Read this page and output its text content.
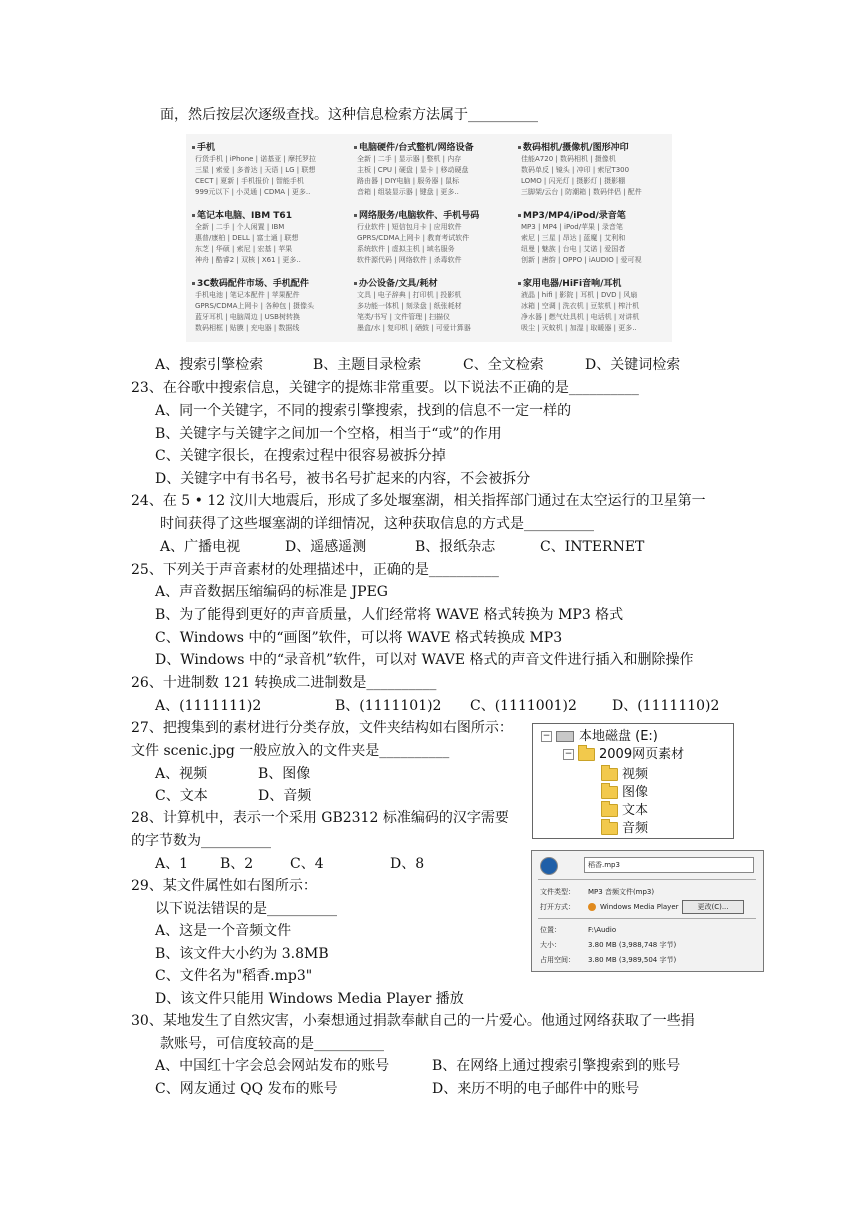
面，然后按层次逐级查找。这种信息检索方法属于__________
手机
行货手机 | iPhone | 诺基亚 | 摩托罗拉
三星 | 索爱 | 多普达 | 天语 | LG | 联想
CECT | 夏新 | 手机报价 | 智能手机
999元以下 | 小灵通 | CDMA | 更多..
电脑硬件/台式整机/网络设备
全新 | 二手 | 显示器 | 整机 | 内存
主板 | CPU | 硬盘 | 显卡 | 移动硬盘
路由器 | DIY电脑 | 服务器 | 鼠标
音箱 | 组装显示器 | 键盘 | 更多..
数码相机/摄像机/图形冲印
佳能A720 | 数码相机 | 摄像机
数码单反 | 镜头 | 冲印 | 索尼T300
LOMO | 闪光灯 | 摄影灯 | 摄影棚
三脚架/云台 | 防潮箱 | 数码伴侣 | 配件
笔记本电脑、IBM T61
全新 | 二手 | 个人闲置 | IBM
惠普/康柏 | DELL | 富士通 | 联想
东芝 | 华硕 | 索尼 | 宏基 | 苹果
神舟 | 酷睿2 | 双核 | X61 | 更多..
网络服务/电脑软件、手机号码
行业软件 | 短信包月卡 | 应用软件
GPRS/CDMA上网卡 | 教育考试软件
系统软件 | 虚拟主机 | 域名服务
软件源代码 | 网络软件 | 杀毒软件
MP3/MP4/iPod/录音笔
MP3 | MP4 | iPod/苹果 | 录音笔
索尼 | 三星 | 昂达 | 蓝魔 | 艾利和
纽曼 | 魅族 | 台电 | 艾诺 | 爱国者
创新 | 唐韵 | OPPO | iAUDIO | 爱可视
3C数码配件市场、手机配件
手机电池 | 笔记本配件 | 苹果配件
GPRS/CDMA上网卡 | 各种包 | 摄像头
蓝牙耳机 | 电脑周边 | USB树转换
数码相框 | 贴膜 | 充电器 | 数据线
办公设备/文具/耗材
文具 | 电子辞典 | 打印机 | 投影机
多功能一体机 | 刻录盘 | 纸张耗材
笔类/书写 | 文件管理 | 扫描仪
墨盒/水 | 复印机 | 硒鼓 | 可爱计算器
家用电器/HiFi音响/耳机
液晶 | hifi | 影院 | 耳机 | DVD | 风扇
冰箱 | 空调 | 洗衣机 | 豆浆机 | 榨汁机
净水器 | 燃气灶具机 | 电话机 | 对讲机
吸尘 | 灭蚊机 | 加湿 | 取暖器 | 更多..
A、搜索引擎检索	B、主题目录检索	C、全文检索	D、关键词检索
23、在谷歌中搜索信息，关键字的提炼非常重要。以下说法不正确的是__________
A、同一个关键字，不同的搜索引擎搜索，找到的信息不一定一样的
B、关键字与关键字之间加一个空格，相当于“或”的作用
C、关键字很长，在搜索过程中很容易被拆分掉
D、关键字中有书名号，被书名号扩起来的内容，不会被拆分
24、在 5 • 12 汶川大地震后，形成了多处堰塞湖，相关指挥部门通过在太空运行的卫星第一
时间获得了这些堰塞湖的详细情况，这种获取信息的方式是__________
A、广播电视	D、遥感遥测	B、报纸杂志	C、INTERNET
25、下列关于声音素材的处理描述中，正确的是__________
A、声音数据压缩编码的标准是 JPEG
B、为了能得到更好的声音质量，人们经常将 WAVE 格式转换为 MP3 格式
C、Windows 中的“画图”软件，可以将 WAVE 格式转换成 MP3
D、Windows 中的“录音机”软件，可以对 WAVE 格式的声音文件进行插入和删除操作
26、十进制数 121 转换成二进制数是__________
A、(1111111)2	B、(1111101)2 C、(1111001)2	D、(1111110)2
27、把搜集到的素材进行分类存放，文件夹结构如右图所示：
文件 scenic.jpg 一般应放入的文件夹是__________
A、视频	B、图像
C、文本	D、音频
− 本地磁盘 (E:)
− 2009网页素材
视频
图像
文本
音频
28、计算机中，表示一个采用 GB2312 标准编码的汉字需要
的字节数为__________
A、1 B、2	C、4	D、8	稻香.mp3
文件类型： MP3 音频文件(mp3)
打开方式：	Windows Media Player	更改(C)...
位置：	F:\Audio
大小：	3.80 MB (3,988,748 字节)
占用空间： 3.80 MB (3,989,504 字节)
29、某文件属性如右图所示：
以下说法错误的是__________
A、这是一个音频文件
B、该文件大小约为 3.8MB
C、文件名为"稻香.mp3"
D、该文件只能用 Windows Media Player 播放
30、某地发生了自然灾害，小秦想通过捐款奉献自己的一片爱心。他通过网络获取了一些捐
款账号，可信度较高的是__________
A、中国红十字会总会网站发布的账号	B、在网络上通过搜索引擎搜索到的账号
C、网友通过 QQ 发布的账号	D、来历不明的电子邮件中的账号
